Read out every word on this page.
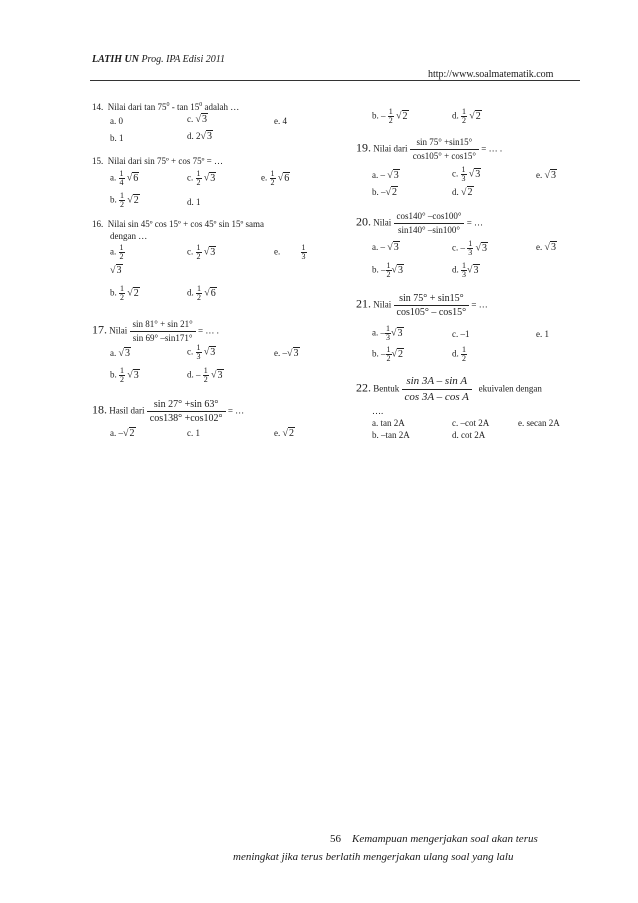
LATIH UN Prog. IPA Edisi 2011
http://www.soalmatematik.com
14. Nilai dari $\tan 75^0$ - $\tan 15^0$ adalah …
a. 0	c. √3	e. 4
b. 1	d. 2√3
15. Nilai dari sin 75º + cos 75º = …
a. $\frac{1}{4} √6$	c. $\frac{1}{2} √3$	e. $\frac{1}{2} √6$
b. $\frac{1}{2} √2$	d. 1
16. Nilai sin 45º cos 15º + cos 45º sin 15º sama
dengan …
a. $\frac{1}{2}$	c. $\frac{1}{2} √3$	e.	$\frac{1}{3}$
√3
b. $\frac{1}{2} √2$	d. $\frac{1}{2} √6$
17. Nilai $\frac{\sin 81^\circ + \sin 21^\circ}{\sin 69^\circ -\sin 171^\circ}$ = … .
a. √3	c. $\frac{1}{3} √3$	e. –√3
b. $\frac{1}{2} √3$	d. – $\frac{1}{2} √3$
18. Hasil dari $\frac{\sin 27^\circ +\sin 63^\circ}{\cos 138^\circ +\cos 102^\circ}$ = …
a. –√2	c. 1	e. √2
b. – $\frac{1}{2} √2$	d. $\frac{1}{2} √2$
19. Nilai dari $\frac{\sin 75^\circ +\sin 15^\circ}{\cos 105^\circ + \cos 15^\circ}$ = … .
a. – √3	c. $\frac{1}{3} √3$	e. √3
b. –√2	d. √2
20. Nilai $\frac{\cos 140^\circ -\cos 100^\circ}{\sin 140^\circ -\sin 100^\circ}$ = …
a. – √3	c. – $\frac{1}{3} √3$	e. √3
b. – $\frac{1}{2} √3$	d. $\frac{1}{3} √3$
21. Nilai $\frac{\sin 75^\circ + \sin 15^\circ}{\cos 105^\circ - \cos 15^\circ}$ = …
a. – $\frac{1}{3} √3$	c. –1	e. 1
b. – $\frac{1}{2} √2$	d. $\frac{1}{2}$
22. Bentuk $\frac{\text{sin 3A – sin A}}{\text{cos 3A – cos A}}$ ekuivalen dengan
….
a. tan 2A	c. –cot 2A	e. secan 2A
b. –tan 2A	d. cot 2A
56 Kemampuan mengerjakan soal akan terus
meningkat jika terus berlatih mengerjakan ulang soal yang lalu
